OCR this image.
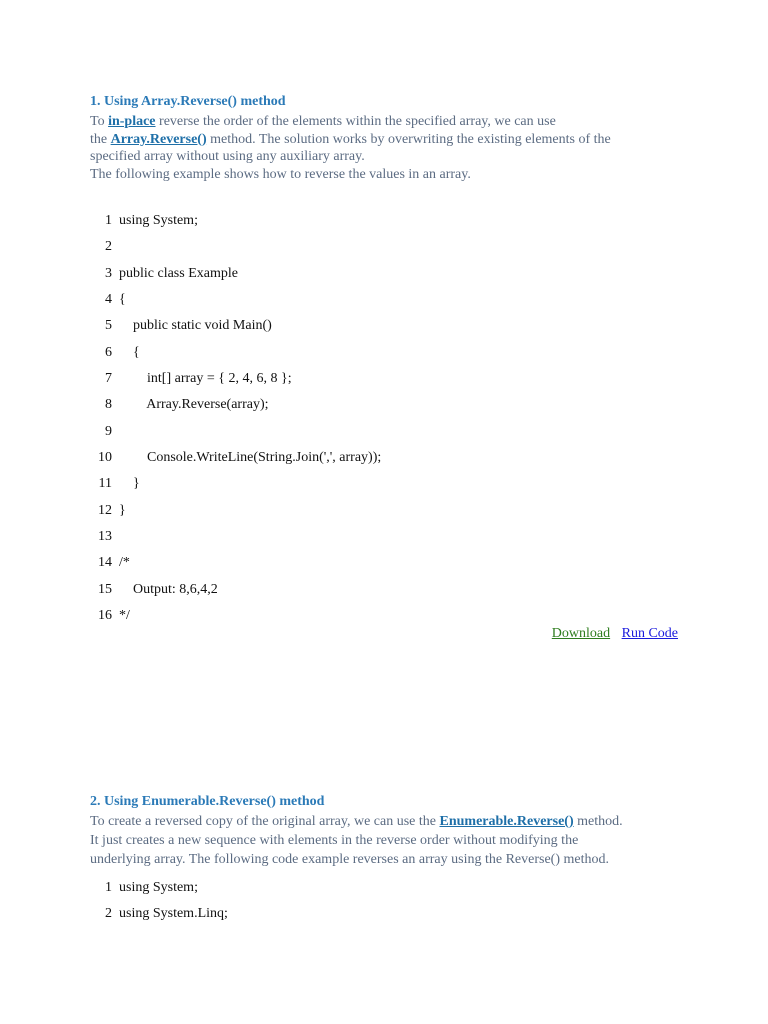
1. Using Array.Reverse() method
To in-place reverse the order of the elements within the specified array, we can use
the Array.Reverse() method. The solution works by overwriting the existing elements of the
specified array without using any auxiliary array.
The following example shows how to reverse the values in an array.
1 using System;
2
3 public class Example
4 {
5      public static void Main()
6      {
7          int[] array = { 2, 4, 6, 8 };
8          Array.Reverse(array);
9
10          Console.WriteLine(String.Join(',', array));
11      }
12 }
13
14 /*
15      Output: 8,6,4,2
16 */
Download Run Code
2. Using Enumerable.Reverse() method
To create a reversed copy of the original array, we can use the Enumerable.Reverse() method.
It just creates a new sequence with elements in the reverse order without modifying the
underlying array. The following code example reverses an array using the Reverse() method.
1 using System;
2 using System.Linq;
